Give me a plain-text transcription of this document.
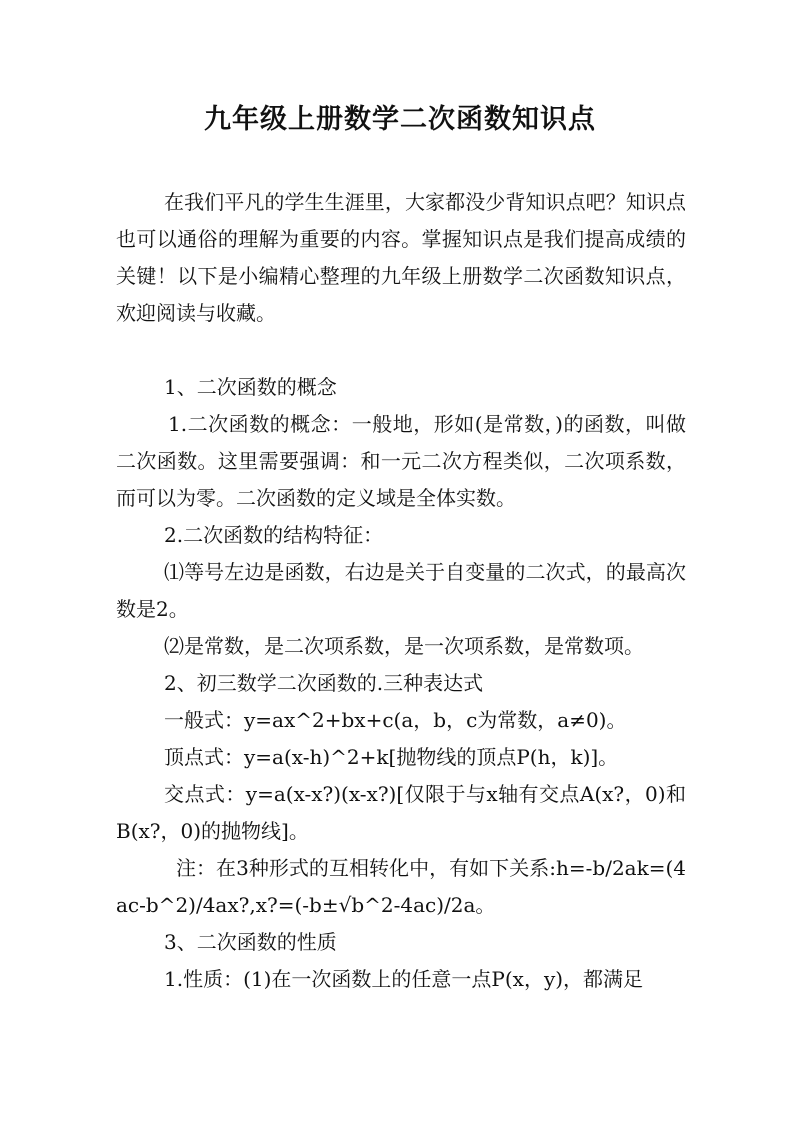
九年级上册数学二次函数知识点
在我们平凡的学生生涯里，大家都没少背知识点吧？知识点也可以通俗的理解为重要的内容。掌握知识点是我们提高成绩的关键！以下是小编精心整理的九年级上册数学二次函数知识点，欢迎阅读与收藏。
1、二次函数的概念
1.二次函数的概念：一般地，形如(是常数，)的函数，叫做二次函数。这里需要强调：和一元二次方程类似，二次项系数，而可以为零。二次函数的定义域是全体实数。
2.二次函数的结构特征：
⑴等号左边是函数，右边是关于自变量的二次式，的最高次数是2。
⑵是常数，是二次项系数，是一次项系数，是常数项。
2、初三数学二次函数的.三种表达式
一般式：y=ax^2+bx+c(a，b，c为常数，a≠0)。
顶点式：y=a(x-h)^2+k[抛物线的顶点P(h，k)]。
交点式：y=a(x-x?)(x-x?)[仅限于与x轴有交点A(x?，0)和B(x?，0)的抛物线]。
注：在3种形式的互相转化中，有如下关系:h=-b/2ak=(4ac-b^2)/4ax?,x?=(-b±√b^2-4ac)/2a。
3、二次函数的性质
1.性质：(1)在一次函数上的任意一点P(x，y)，都满足
